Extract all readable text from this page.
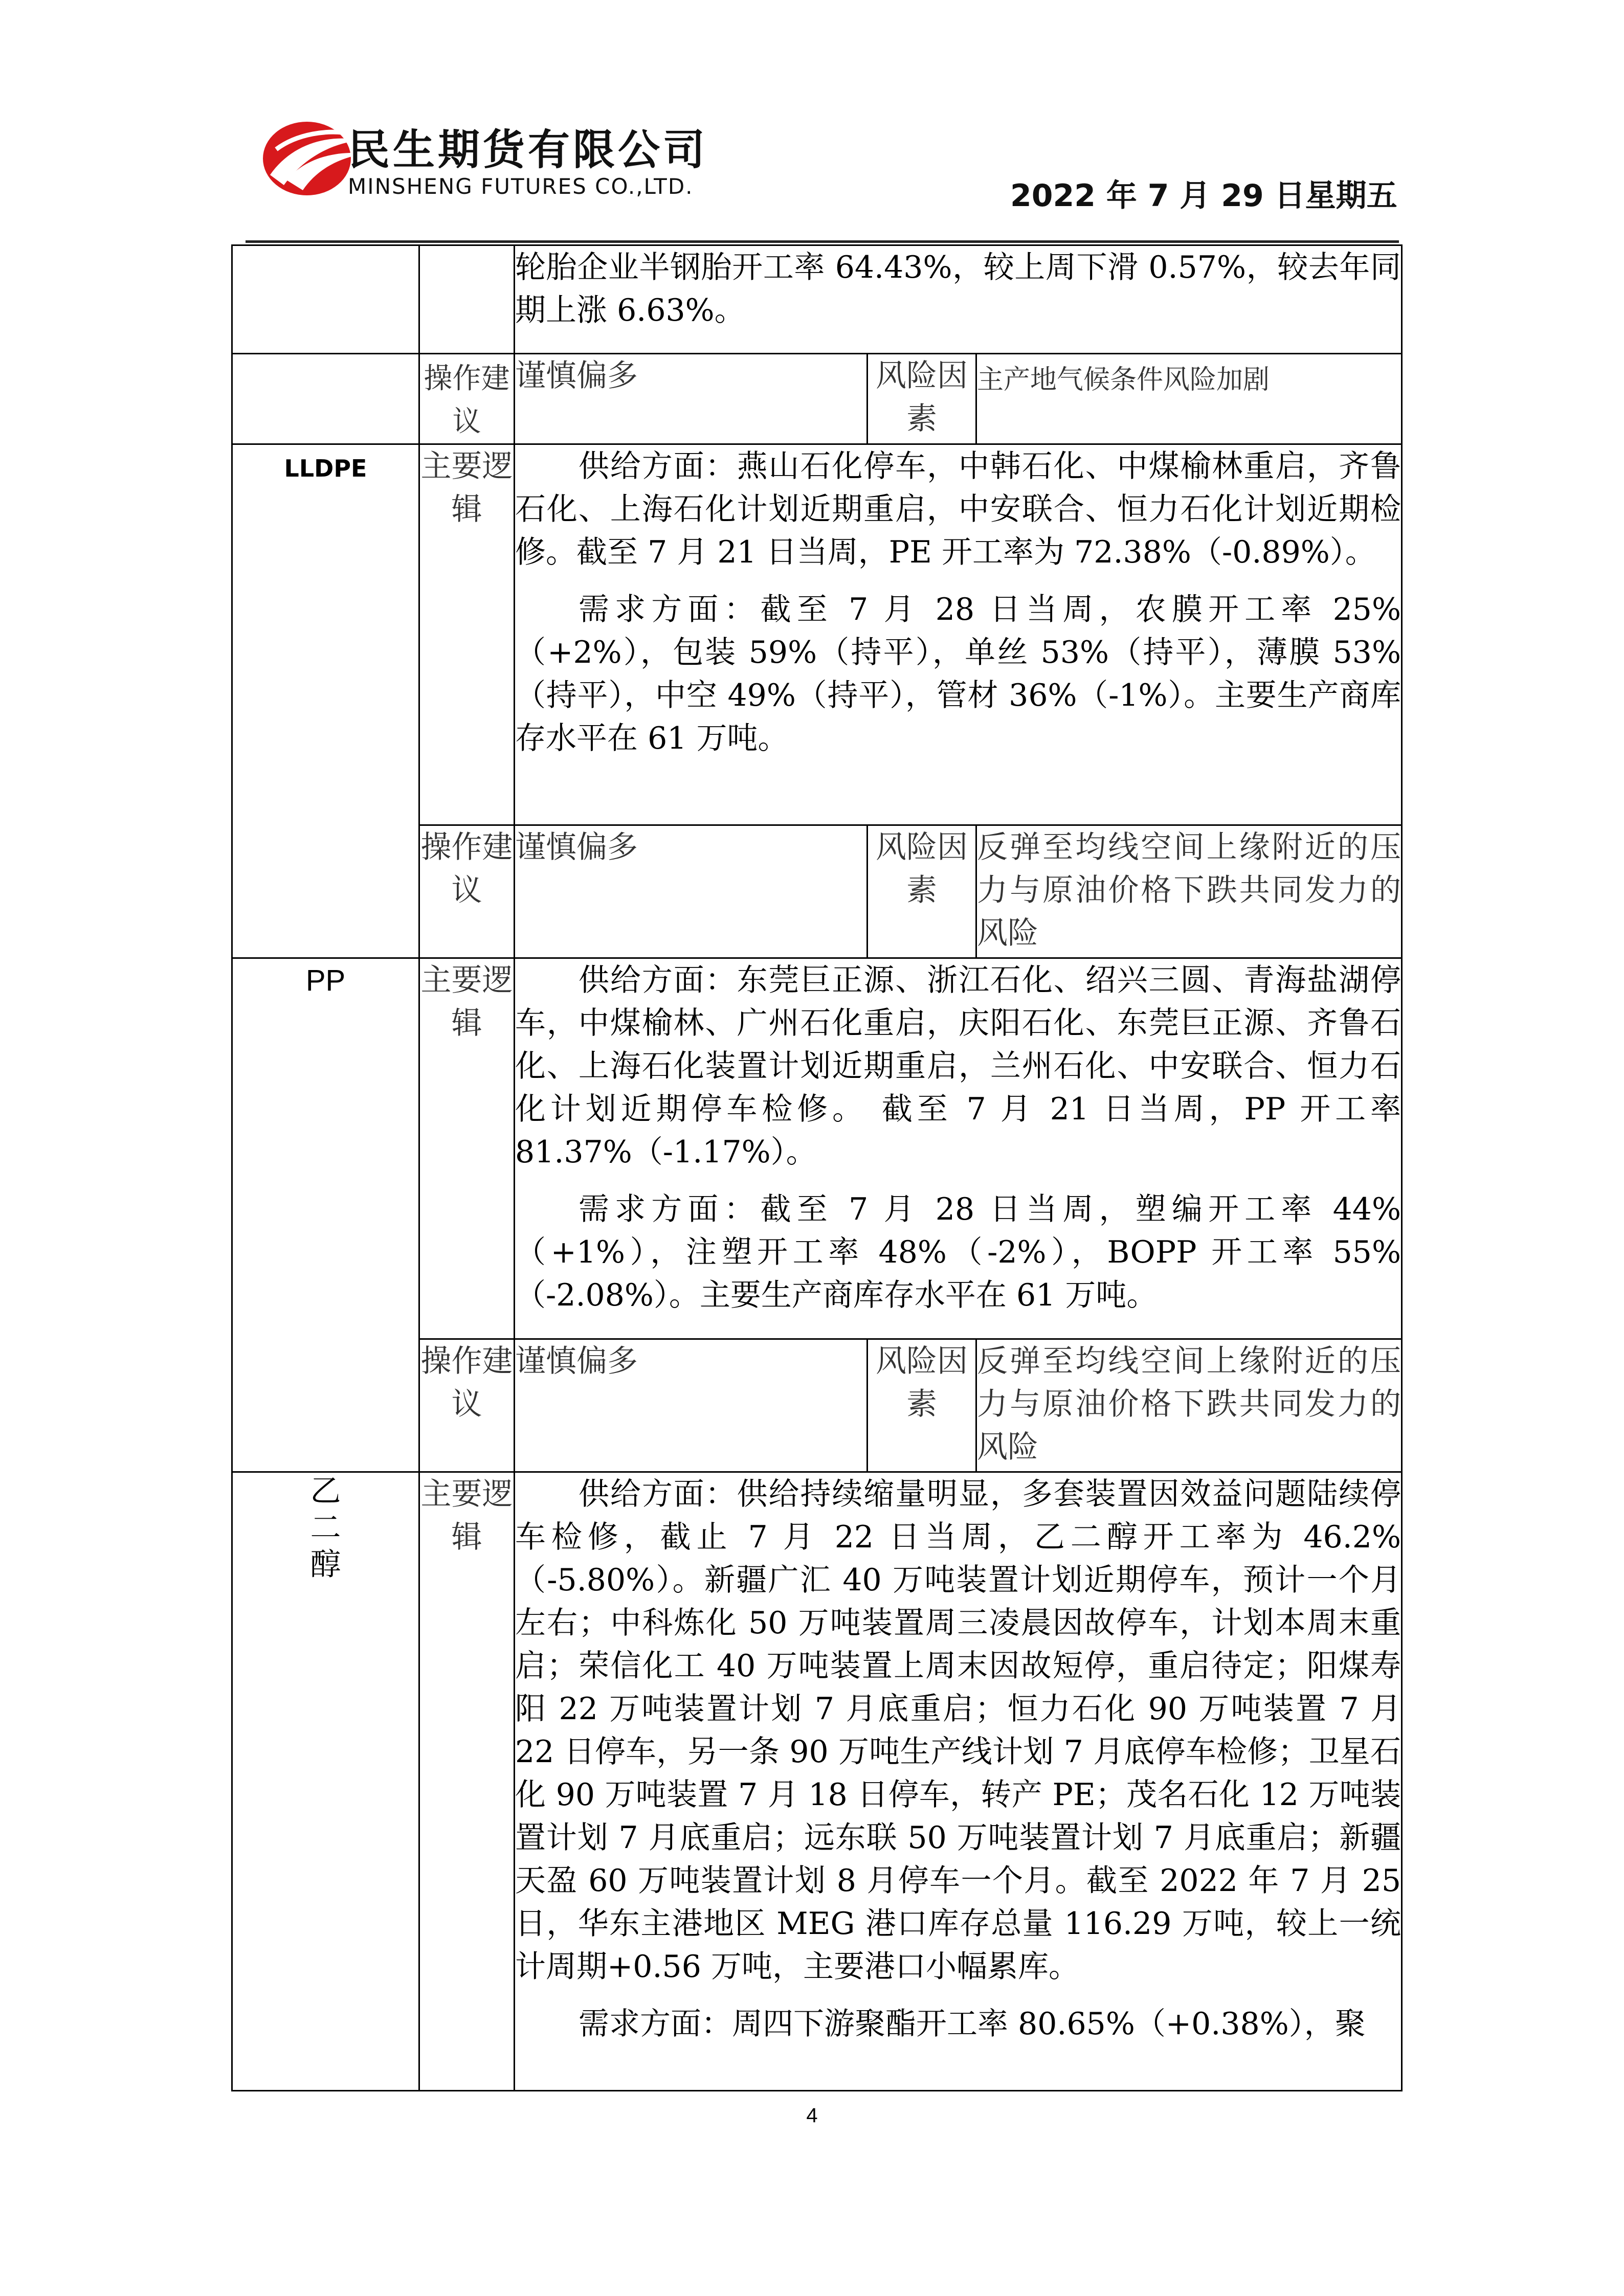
民生期货有限公司
MINSHENG FUTURES CO.,LTD.	2022 年 7 月 29 日星期五

		轮胎企业半钢胎开工率 64.43%，较上周下滑 0.57%，较去年同期上涨 6.63%。		

	操作建议	谨慎偏多	风险因素	主产地气候条件风险加剧
LLDPE	主要逻辑	供给方面：燕山石化停车，中韩石化、中煤榆林重启，齐鲁石化、上海石化计划近期重启，中安联合、恒力石化计划近期检修。截至 7 月 21 日当周，PE 开工率为 72.38%（-0.89%）。

需求方面：截至 7 月 28 日当周，农膜开工率 25%（+2%），包装 59%（持平），单丝 53%（持平），薄膜 53%（持平），中空 49%（持平），管材 36%（-1%）。主要生产商库存水平在 61 万吨。		

	操作建议	谨慎偏多	风险因素	反弹至均线空间上缘附近的压力与原油价格下跌共同发力的风险
PP	主要逻辑	供给方面：东莞巨正源、浙江石化、绍兴三圆、青海盐湖停车，中煤榆林、广州石化重启，庆阳石化、东莞巨正源、齐鲁石化、上海石化装置计划近期重启，兰州石化、中安联合、恒力石化计划近期停车检修。 截至 7 月 21 日当周，PP 开工率 81.37%（-1.17%）。

需求方面：截至 7 月 28 日当周，塑编开工率 44%（+1%），注塑开工率 48%（-2%），BOPP 开工率 55%（-2.08%）。主要生产商库存水平在 61 万吨。		

	操作建议	谨慎偏多	风险因素	反弹至均线空间上缘附近的压力与原油价格下跌共同发力的风险
乙二醇	主要逻辑	供给方面：供给持续缩量明显，多套装置因效益问题陆续停车检修，截止 7 月 22 日当周，乙二醇开工率为 46.2%（-5.80%）。新疆广汇 40 万吨装置计划近期停车，预计一个月左右；中科炼化 50 万吨装置周三凌晨因故停车，计划本周末重启；荣信化工 40 万吨装置上周末因故短停，重启待定；阳煤寿阳 22 万吨装置计划 7 月底重启；恒力石化 90 万吨装置 7 月 22 日停车，另一条 90 万吨生产线计划 7 月底停车检修；卫星石化 90 万吨装置 7 月 18 日停车，转产 PE；茂名石化 12 万吨装置计划 7 月底重启；远东联 50 万吨装置计划 7 月底重启；新疆天盈 60 万吨装置计划 8 月停车一个月。截至 2022 年 7 月 25 日，华东主港地区 MEG 港口库存总量 116.29 万吨，较上一统计周期+0.56 万吨，主要港口小幅累库。

需求方面：周四下游聚酯开工率 80.65%（+0.38%），聚		

4
